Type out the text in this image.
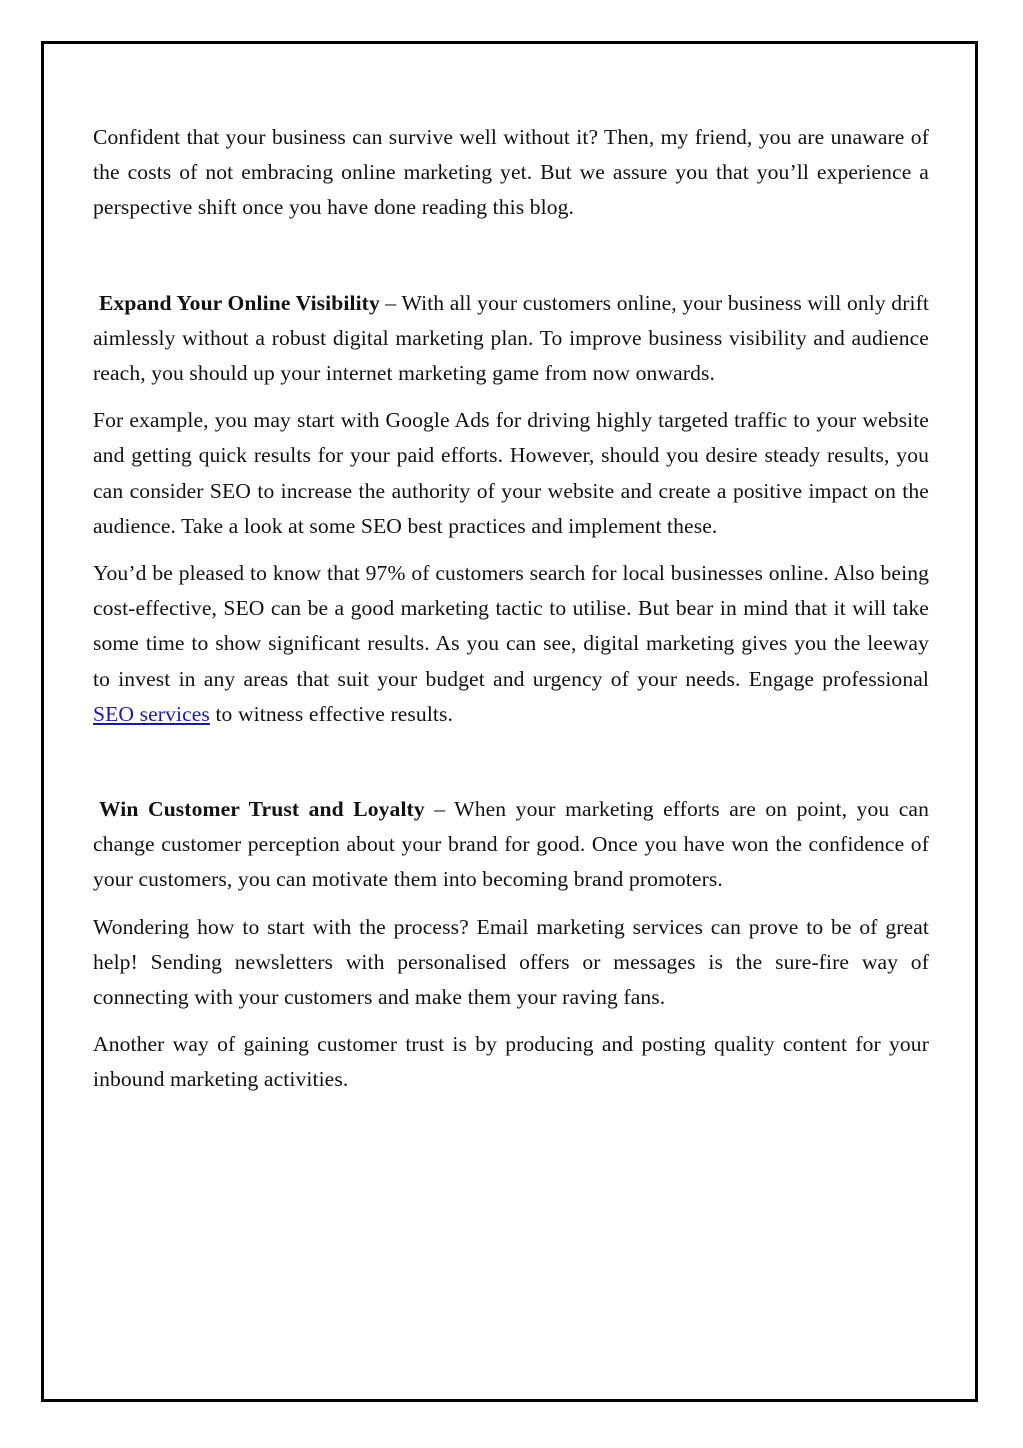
Confident that your business can survive well without it? Then, my friend, you are unaware of the costs of not embracing online marketing yet. But we assure you that you’ll experience a perspective shift once you have done reading this blog.

Expand Your Online Visibility – With all your customers online, your business will only drift aimlessly without a robust digital marketing plan. To improve business visibility and audience reach, you should up your internet marketing game from now onwards.

For example, you may start with Google Ads for driving highly targeted traffic to your website and getting quick results for your paid efforts. However, should you desire steady results, you can consider SEO to increase the authority of your website and create a positive impact on the audience. Take a look at some SEO best practices and implement these.

You’d be pleased to know that 97% of customers search for local businesses online. Also being cost-effective, SEO can be a good marketing tactic to utilise. But bear in mind that it will take some time to show significant results. As you can see, digital marketing gives you the leeway to invest in any areas that suit your budget and urgency of your needs. Engage professional SEO services to witness effective results.

Win Customer Trust and Loyalty – When your marketing efforts are on point, you can change customer perception about your brand for good. Once you have won the confidence of your customers, you can motivate them into becoming brand promoters.

Wondering how to start with the process? Email marketing services can prove to be of great help! Sending newsletters with personalised offers or messages is the sure-fire way of connecting with your customers and make them your raving fans.

Another way of gaining customer trust is by producing and posting quality content for your inbound marketing activities.
